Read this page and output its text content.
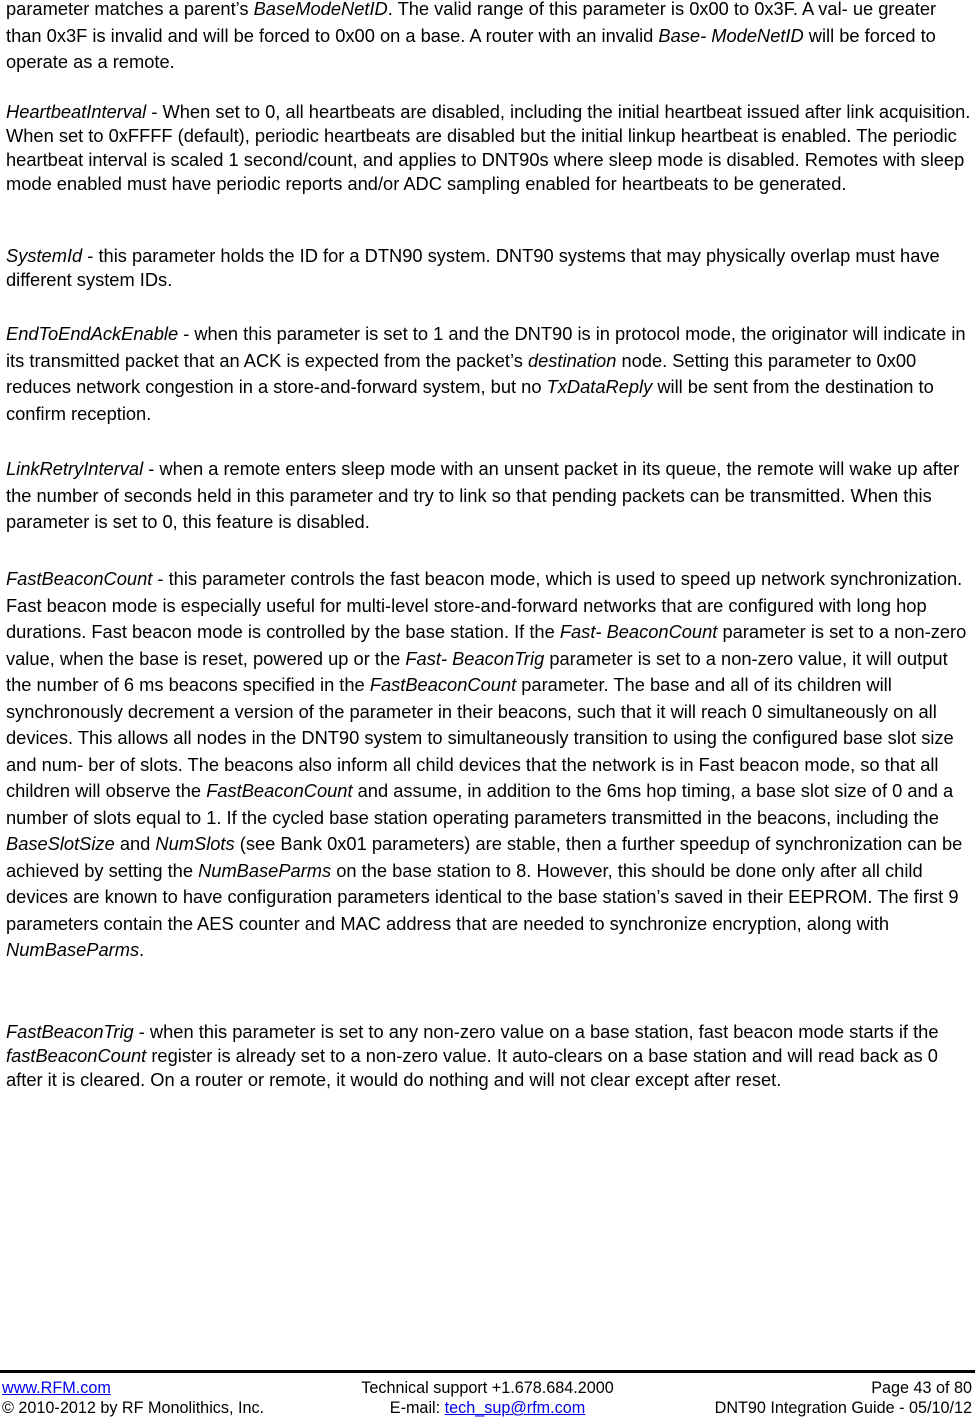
parameter matches a parent’s BaseModeNetID. The valid range of this parameter is 0x00 to 0x3F. A val- ue greater than 0x3F is invalid and will be forced to 0x00 on a base. A router with an invalid Base- ModeNetID will be forced to operate as a remote.

HeartbeatInterval - When set to 0, all heartbeats are disabled, including the initial heartbeat issued after link acquisition. When set to 0xFFFF (default), periodic heartbeats are disabled but the initial linkup heartbeat is enabled. The periodic heartbeat interval is scaled 1 second/count, and applies to DNT90s where sleep mode is disabled. Remotes with sleep mode enabled must have periodic reports and/or ADC sampling enabled for heartbeats to be generated.

SystemId - this parameter holds the ID for a DTN90 system. DNT90 systems that may physically overlap must have different system IDs.

EndToEndAckEnable - when this parameter is set to 1 and the DNT90 is in protocol mode, the originator will indicate in its transmitted packet that an ACK is expected from the packet’s destination node. Setting this parameter to 0x00 reduces network congestion in a store-and-forward system, but no TxDataReply will be sent from the destination to confirm reception.

LinkRetryInterval - when a remote enters sleep mode with an unsent packet in its queue, the remote will wake up after the number of seconds held in this parameter and try to link so that pending packets can be transmitted. When this parameter is set to 0, this feature is disabled.

FastBeaconCount - this parameter controls the fast beacon mode, which is used to speed up network synchronization. Fast beacon mode is especially useful for multi-level store-and-forward networks that are configured with long hop durations. Fast beacon mode is controlled by the base station. If the Fast- BeaconCount parameter is set to a non-zero value, when the base is reset, powered up or the Fast- BeaconTrig parameter is set to a non-zero value, it will output the number of 6 ms beacons specified in the FastBeaconCount parameter. The base and all of its children will synchronously decrement a version of the parameter in their beacons, such that it will reach 0 simultaneously on all devices. This allows all nodes in the DNT90 system to simultaneously transition to using the configured base slot size and num- ber of slots. The beacons also inform all child devices that the network is in Fast beacon mode, so that all children will observe the FastBeaconCount and assume, in addition to the 6ms hop timing, a base slot size of 0 and a number of slots equal to 1. If the cycled base station operating parameters transmitted in the beacons, including the BaseSlotSize and NumSlots (see Bank 0x01 parameters) are stable, then a further speedup of synchronization can be achieved by setting the NumBaseParms on the base station to 8. However, this should be done only after all child devices are known to have configuration parameters identical to the base station’s saved in their EEPROM. The first 9 parameters contain the AES counter and MAC address that are needed to synchronize encryption, along with NumBaseParms.

FastBeaconTrig - when this parameter is set to any non-zero value on a base station, fast beacon mode starts if the fastBeaconCount register is already set to a non-zero value. It auto-clears on a base station and will read back as 0 after it is cleared. On a router or remote, it would do nothing and will not clear except after reset.

www.RFM.com	Technical support +1.678.684.2000	Page 43 of 80
© 2010-2012 by RF Monolithics, Inc.	E-mail: tech_sup@rfm.com	DNT90 Integration Guide - 05/10/12
